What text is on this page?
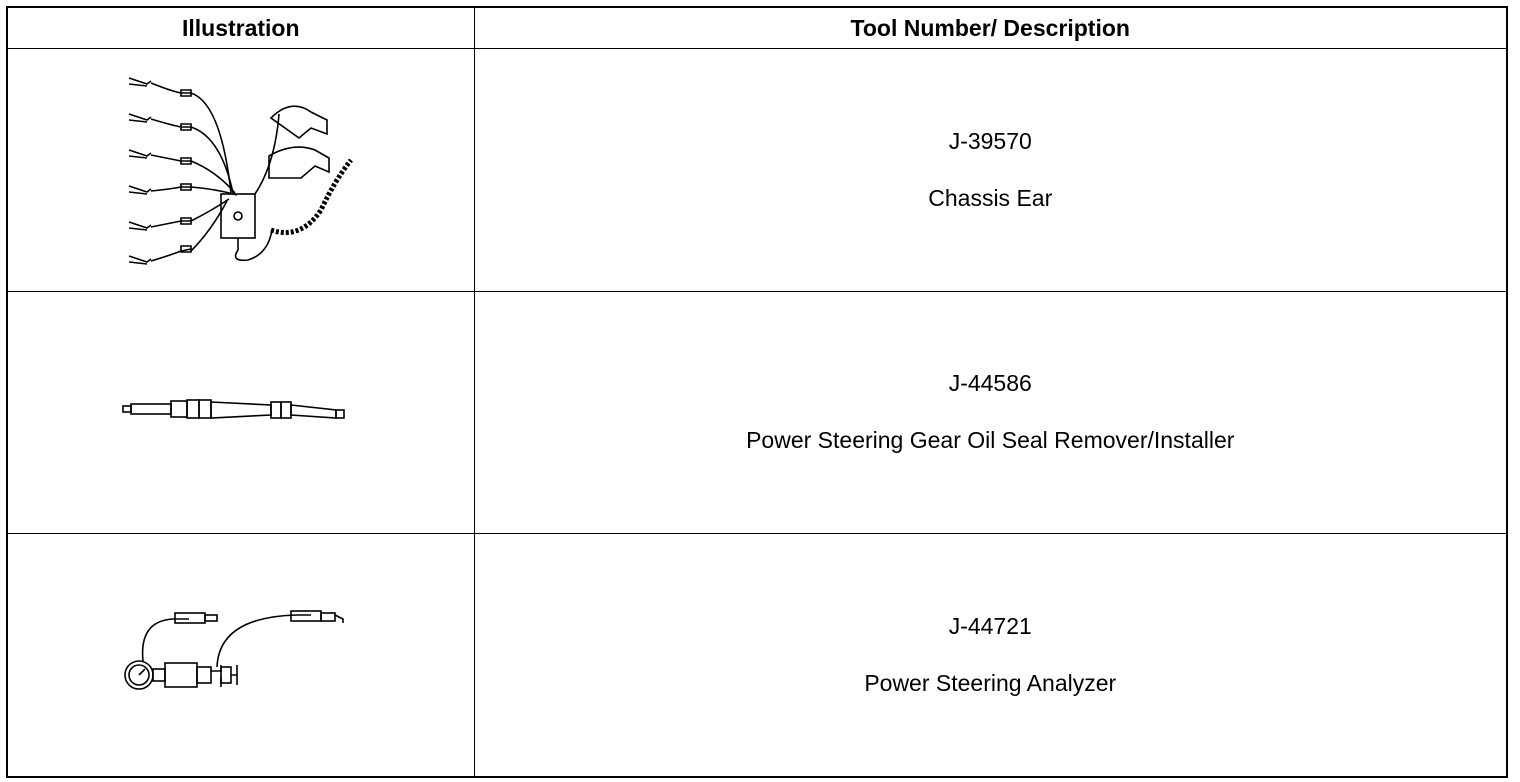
Illustration	Tool Number/ Description

J-39570
Chassis Ear

J-44586
Power Steering Gear Oil Seal Remover/Installer

J-44721
Power Steering Analyzer
